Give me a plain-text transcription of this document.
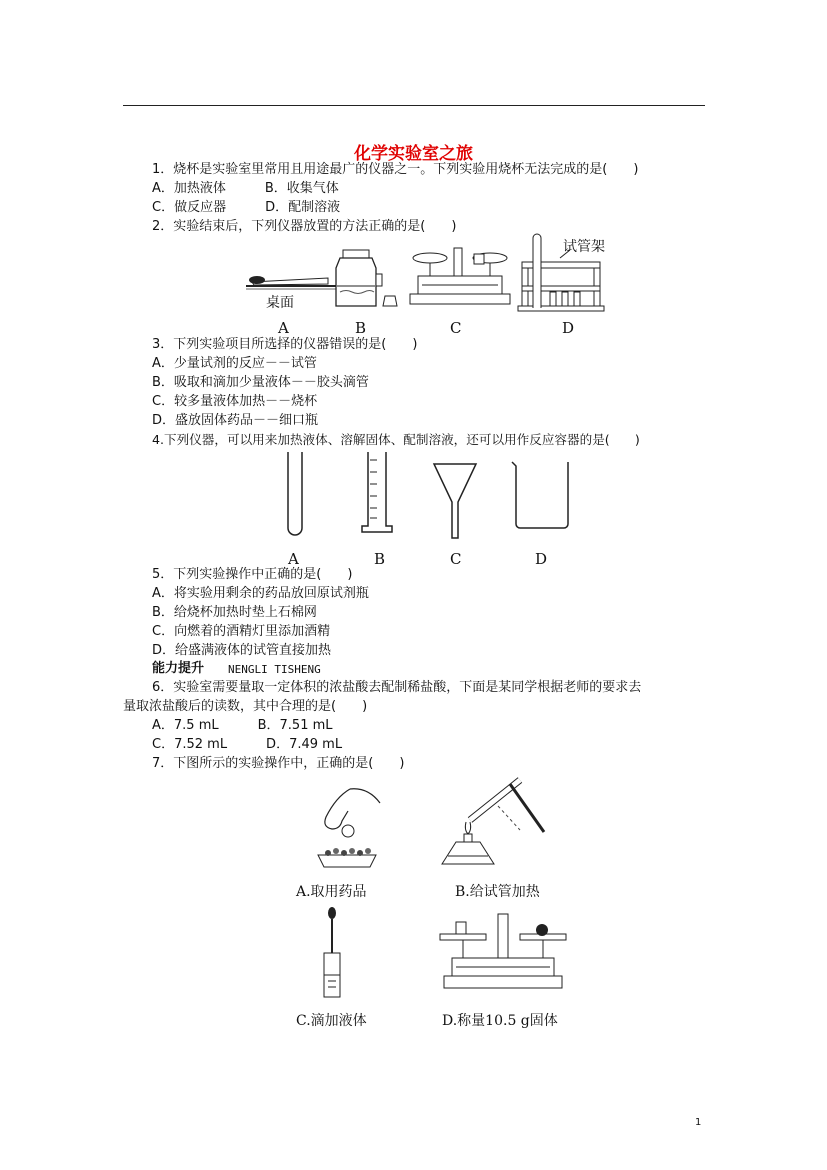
化学实验室之旅
1．烧杯是实验室里常用且用途最广的仪器之一。下列实验用烧杯无法完成的是(　　)
A．加热液体　　　B．收集气体
C．做反应器　　　D．配制溶液
2．实验结束后，下列仪器放置的方法正确的是(　　)
桌面
试管架
A	B	C	D
3．下列实验项目所选择的仪器错误的是(　　)
A．少量试剂的反应－－试管
B．吸取和滴加少量液体－－胶头滴管
C．较多量液体加热－－烧杯
D．盛放固体药品－－细口瓶
4.下列仪器，可以用来加热液体、溶解固体、配制溶液，还可以用作反应容器的是(　　)
A	B	C	D
5．下列实验操作中正确的是(　　)
A．将实验用剩余的药品放回原试剂瓶
B．给烧杯加热时垫上石棉网
C．向燃着的酒精灯里添加酒精
D．给盛满液体的试管直接加热
能力提升 NENGLI TISHENG
6．实验室需要量取一定体积的浓盐酸去配制稀盐酸，下面是某同学根据老师的要求去
量取浓盐酸后的读数，其中合理的是(　　)
A．7.5 mL　　　B．7.51 mL
C．7.52 mL　　　D．7.49 mL
7．下图所示的实验操作中，正确的是(　　)
A.取用药品	B.给试管加热
C.滴加液体	D.称量10.5 g固体
1
